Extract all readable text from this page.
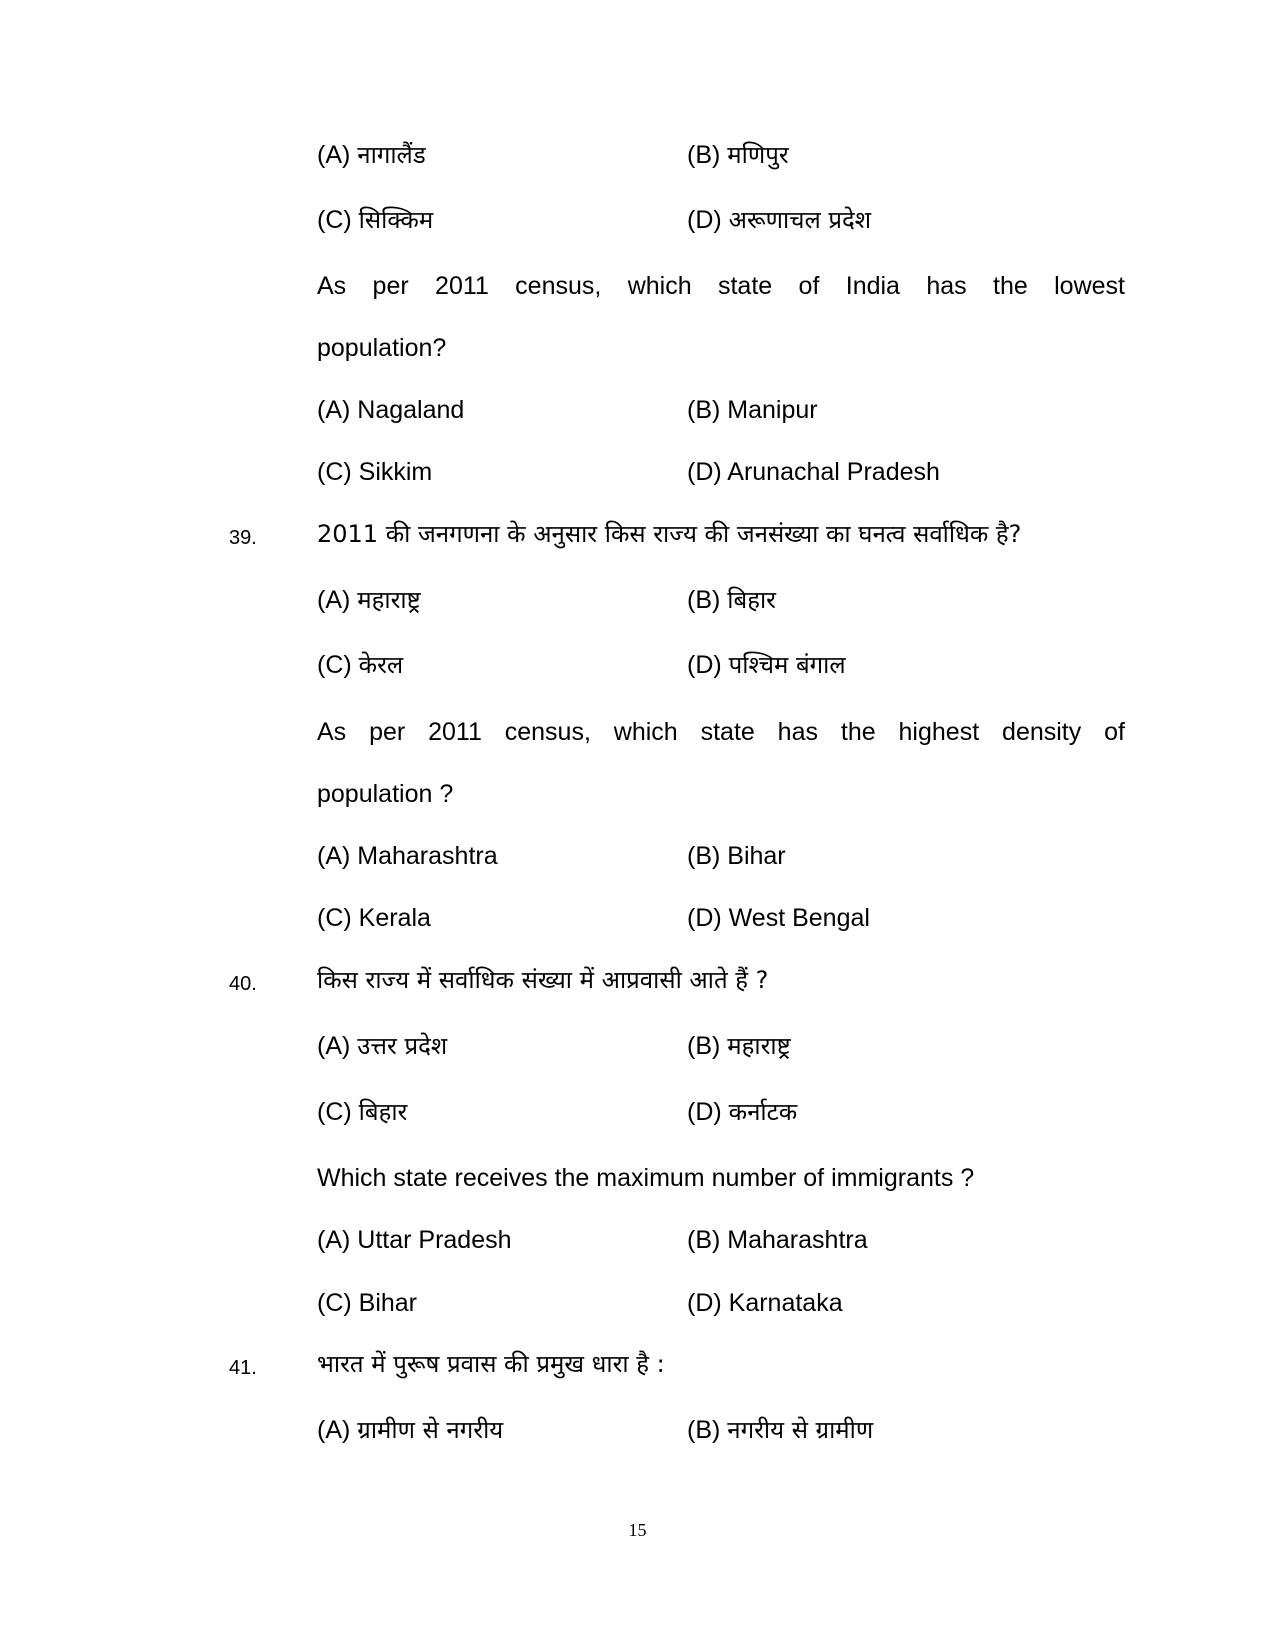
(A) नागालैंड	(B) मणिपुर
(C) सिक्किम	(D) अरूणाचल प्रदेश
As per 2011 census, which state of India has the lowest
population?
(A) Nagaland	(B) Manipur
(C) Sikkim	(D) Arunachal Pradesh
39.	2011 की जनगणना के अनुसार किस राज्य की जनसंख्या का घनत्व सर्वाधिक है?
(A) महाराष्ट्र	(B) बिहार
(C) केरल	(D) पश्चिम बंगाल
As per 2011 census, which state has the highest density of
population ?
(A) Maharashtra	(B) Bihar
(C) Kerala	(D) West Bengal
40.	किस राज्य में सर्वाधिक संख्या में आप्रवासी आते हैं ?
(A) उत्तर प्रदेश	(B) महाराष्ट्र
(C) बिहार	(D) कर्नाटक
Which state receives the maximum number of immigrants ?
(A) Uttar Pradesh	(B) Maharashtra
(C) Bihar	(D) Karnataka
41.	भारत में पुरूष प्रवास की प्रमुख धारा है :
(A) ग्रामीण से नगरीय	(B) नगरीय से ग्रामीण
15
